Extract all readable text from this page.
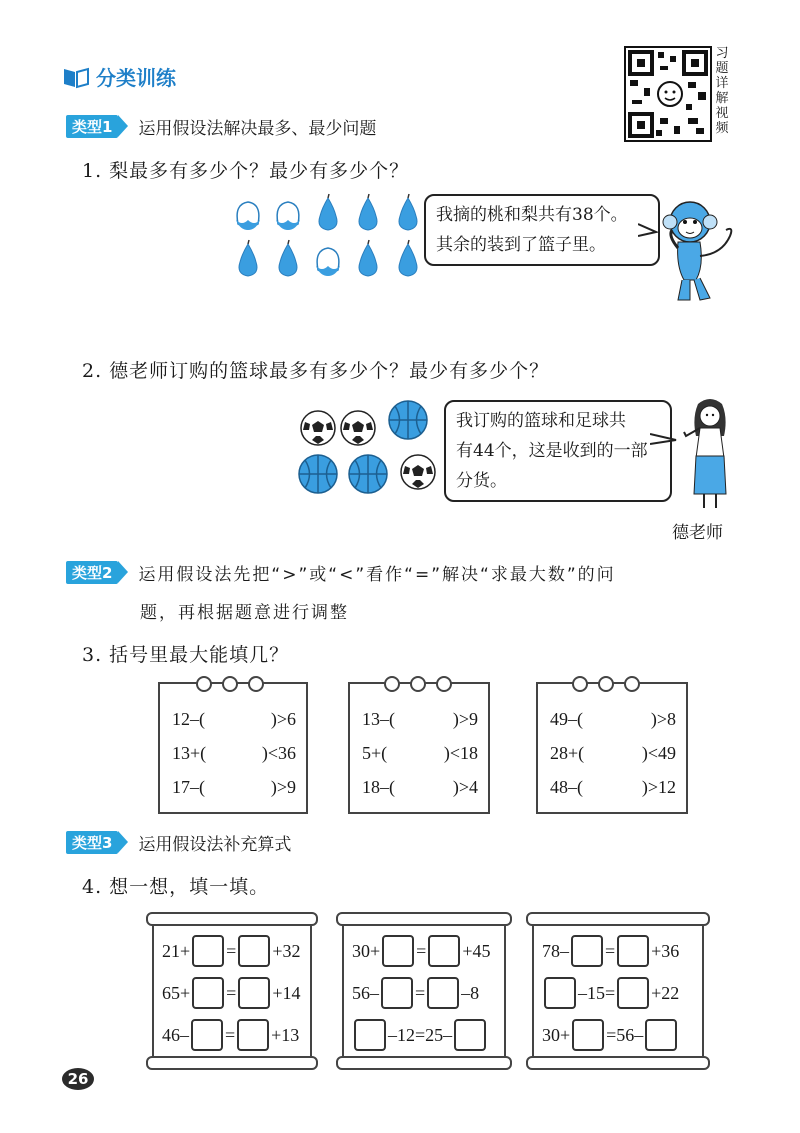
分类训练
习
题
详
解
视
频
类型1	运用假设法解决最多、最少问题
1. 梨最多有多少个？最少有多少个？
我摘的桃和梨共有38个。
其余的装到了篮子里。
2. 德老师订购的篮球最多有多少个？最少有多少个？
我订购的篮球和足球共
有44个，这是收到的一部
分货。
德老师
类型2	运用假设法先把“>”或“<”看作“=”解决“求最大数”的问
题，再根据题意进行调整
3. 括号里最大能填几？
12–(	)>6
13+(	)<36
17–(	)>9
13–(	)>9
5+(	)<18
18–(	)>4
49–(	)>8
28+(	)<49
48–(	)>12
类型3	运用假设法补充算式
4. 想一想，填一填。
21+ = +32
65+ = +14
46– = +13
30+ = +45
56– = –8
–12=25–
78– = +36
–15= +22
30+ =56–
26
